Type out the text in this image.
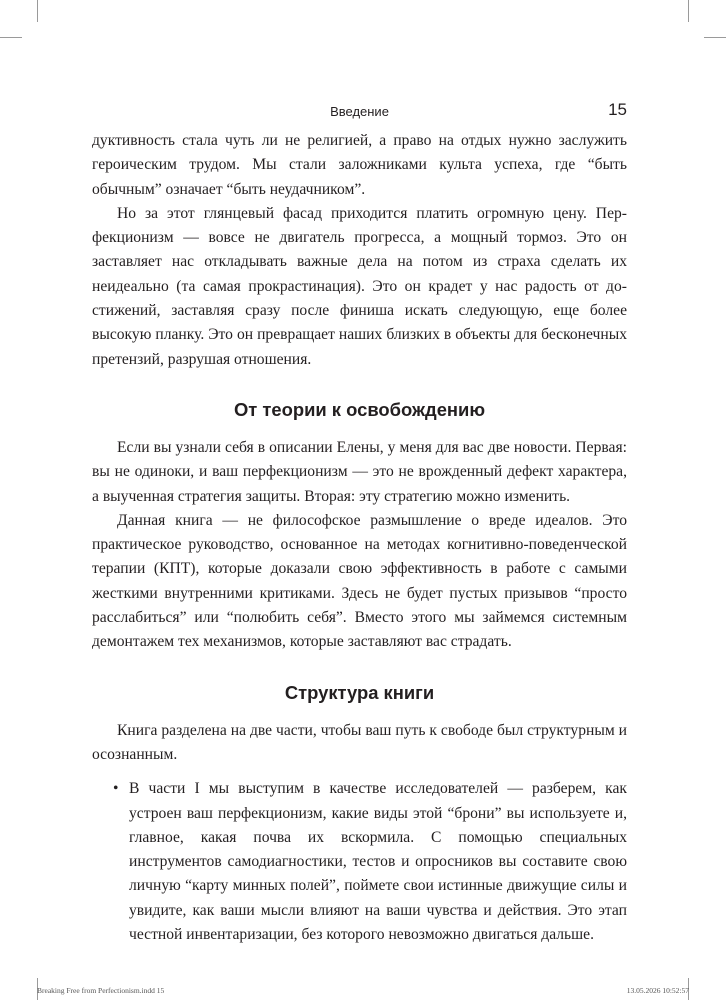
Введение	15

дуктивность стала чуть ли не религией, а право на отдых нужно заслужить героическим трудом. Мы стали заложниками культа успеха, где “быть обычным” означает “быть неудачником”.

Но за этот глянцевый фасад приходится платить огромную цену. Перфекционизм — вовсе не двигатель прогресса, а мощный тормоз. Это он заставляет нас откладывать важные дела на потом из страха сделать их неидеально (та самая прокрастинация). Это он крадет у нас радость от достижений, заставляя сразу после финиша искать следующую, еще более высокую планку. Это он превращает наших близких в объекты для бесконечных претензий, разрушая отношения.

От теории к освобождению

Если вы узнали себя в описании Елены, у меня для вас две новости. Первая: вы не одиноки, и ваш перфекционизм — это не врожденный дефект характера, а выученная стратегия защиты. Вторая: эту стратегию можно изменить.

Данная книга — не философское размышление о вреде идеалов. Это практическое руководство, основанное на методах когнитивно-поведенческой терапии (КПТ), которые доказали свою эффективность в работе с самыми жесткими внутренними критиками. Здесь не будет пустых призывов “просто расслабиться” или “полюбить себя”. Вместо этого мы займемся системным демонтажем тех механизмов, которые заставляют вас страдать.

Структура книги

Книга разделена на две части, чтобы ваш путь к свободе был структурным и осознанным.

• В части I мы выступим в качестве исследователей — разберем, как устроен ваш перфекционизм, какие виды этой “брони” вы используете и, главное, какая почва их вскормила. С помощью специальных инструментов самодиагностики, тестов и опросников вы составите свою личную “карту минных полей”, поймете свои истинные движущие силы и увидите, как ваши мысли влияют на ваши чувства и действия. Это этап честной инвентаризации, без которого невозможно двигаться дальше.
Breaking Free from Perfectionism.indd 15	13.05.2026 10:52:57
